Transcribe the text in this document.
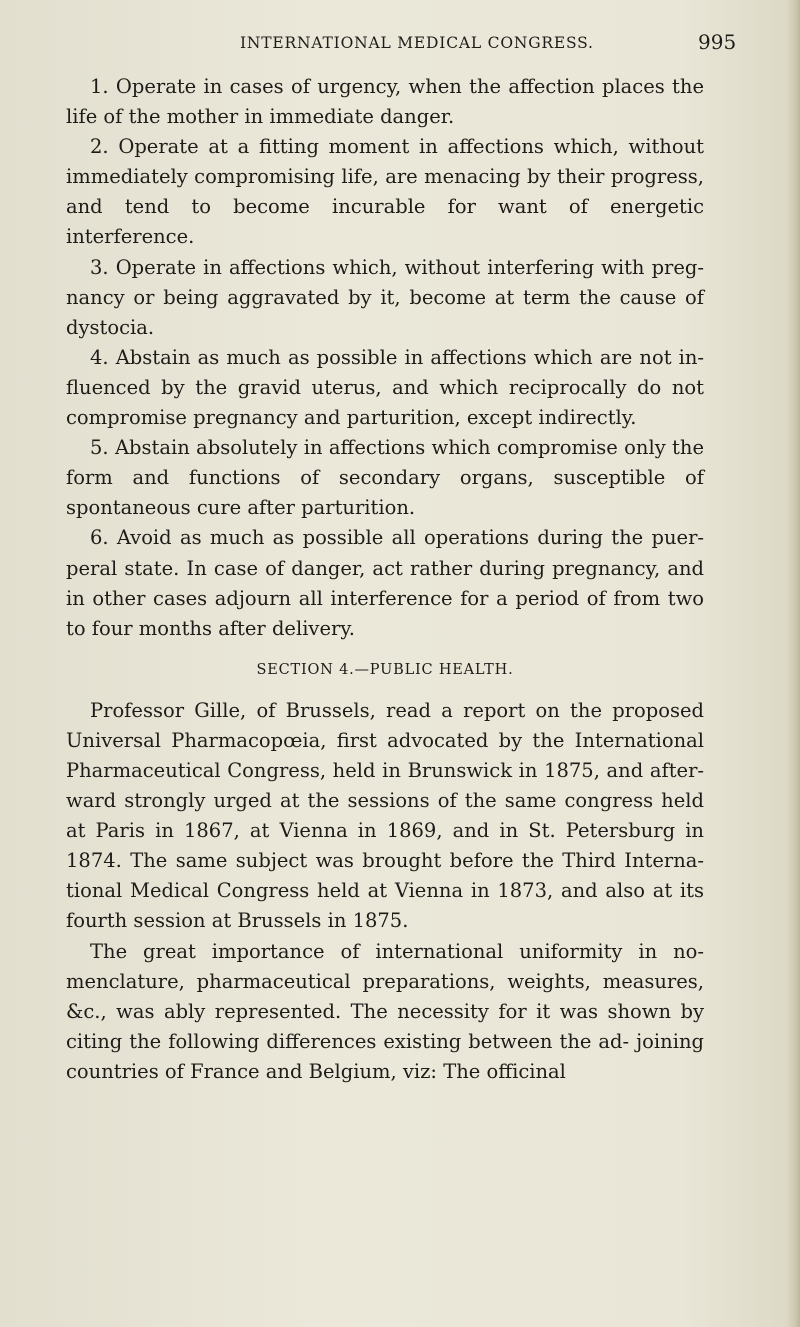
INTERNATIONAL MEDICAL CONGRESS.	995

1. Operate in cases of urgency, when the affection places the life of the mother in immediate danger.

2. Operate at a fitting moment in affections which, without immediately compromising life, are menacing by their progress, and tend to become incurable for want of energetic interference.

3. Operate in affections which, without interfering with preg- nancy or being aggravated by it, become at term the cause of dystocia.

4. Abstain as much as possible in affections which are not in- fluenced by the gravid uterus, and which reciprocally do not compromise pregnancy and parturition, except indirectly.

5. Abstain absolutely in affections which compromise only the form and functions of secondary organs, susceptible of spontaneous cure after parturition.

6. Avoid as much as possible all operations during the puer- peral state. In case of danger, act rather during pregnancy, and in other cases adjourn all interference for a period of from two to four months after delivery.

SECTION 4.—PUBLIC HEALTH.

Professor Gille, of Brussels, read a report on the proposed Universal Pharmacopœia, first advocated by the International Pharmaceutical Congress, held in Brunswick in 1875, and after- ward strongly urged at the sessions of the same congress held at Paris in 1867, at Vienna in 1869, and in St. Petersburg in 1874. The same subject was brought before the Third Interna- tional Medical Congress held at Vienna in 1873, and also at its fourth session at Brussels in 1875.

The great importance of international uniformity in no- menclature, pharmaceutical preparations, weights, measures, &c., was ably represented. The necessity for it was shown by citing the following differences existing between the ad- joining countries of France and Belgium, viz: The officinal
